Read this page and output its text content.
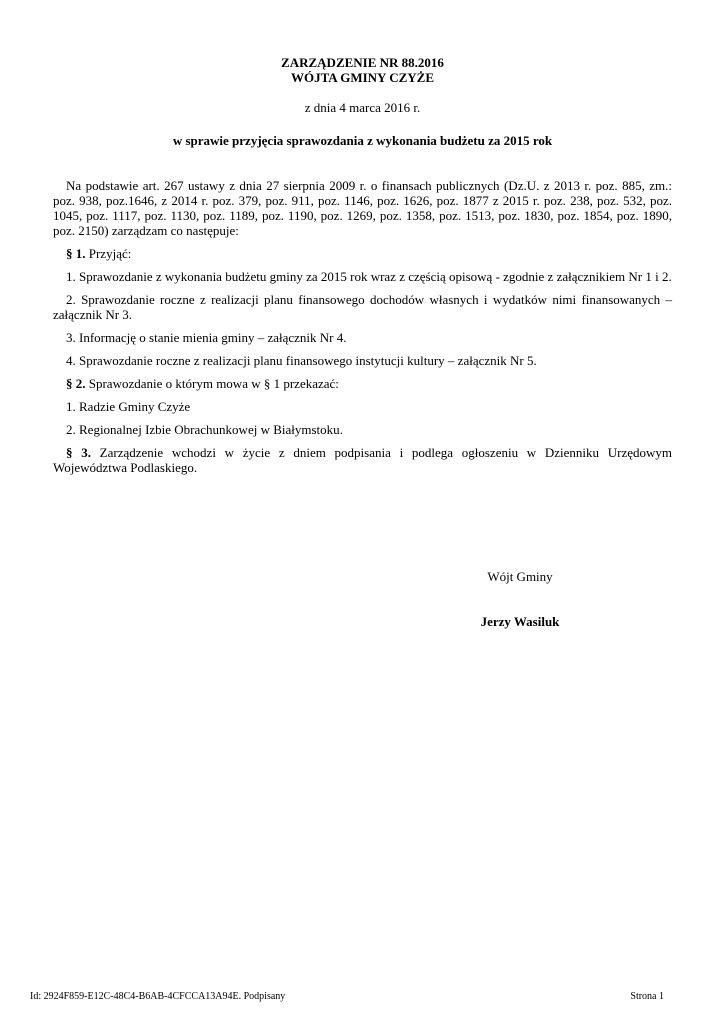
ZARZĄDZENIE NR 88.2016
WÓJTA GMINY CZYŻE
z dnia 4 marca 2016 r.
w sprawie przyjęcia sprawozdania z wykonania budżetu za 2015 rok

Na podstawie art. 267 ustawy z dnia 27 sierpnia 2009 r. o finansach publicznych (Dz.U. z 2013 r. poz. 885, zm.: poz. 938, poz.1646, z 2014 r. poz. 379, poz. 911, poz. 1146, poz. 1626, poz. 1877 z 2015 r. poz. 238, poz. 532, poz. 1045, poz. 1117, poz. 1130, poz. 1189, poz. 1190, poz. 1269, poz. 1358, poz. 1513, poz. 1830, poz. 1854, poz. 1890, poz. 2150) zarządzam co następuje:

§ 1. Przyjąć:

1. Sprawozdanie z wykonania budżetu gminy za 2015 rok wraz z częścią opisową - zgodnie z załącznikiem Nr 1 i 2.

2. Sprawozdanie roczne z realizacji planu finansowego dochodów własnych i wydatków nimi finansowanych – załącznik Nr 3.

3. Informację o stanie mienia gminy – załącznik Nr 4.

4. Sprawozdanie roczne z realizacji planu finansowego instytucji kultury – załącznik Nr 5.

§ 2. Sprawozdanie o którym mowa w § 1 przekazać:

1. Radzie Gminy Czyże

2. Regionalnej Izbie Obrachunkowej w Białymstoku.

§ 3. Zarządzenie wchodzi w życie z dniem podpisania i podlega ogłoszeniu w Dzienniku Urzędowym Województwa Podlaskiego.

Wójt Gminy
Jerzy Wasiluk
Id: 2924F859-E12C-48C4-B6AB-4CFCCA13A94E. Podpisany	Strona 1
